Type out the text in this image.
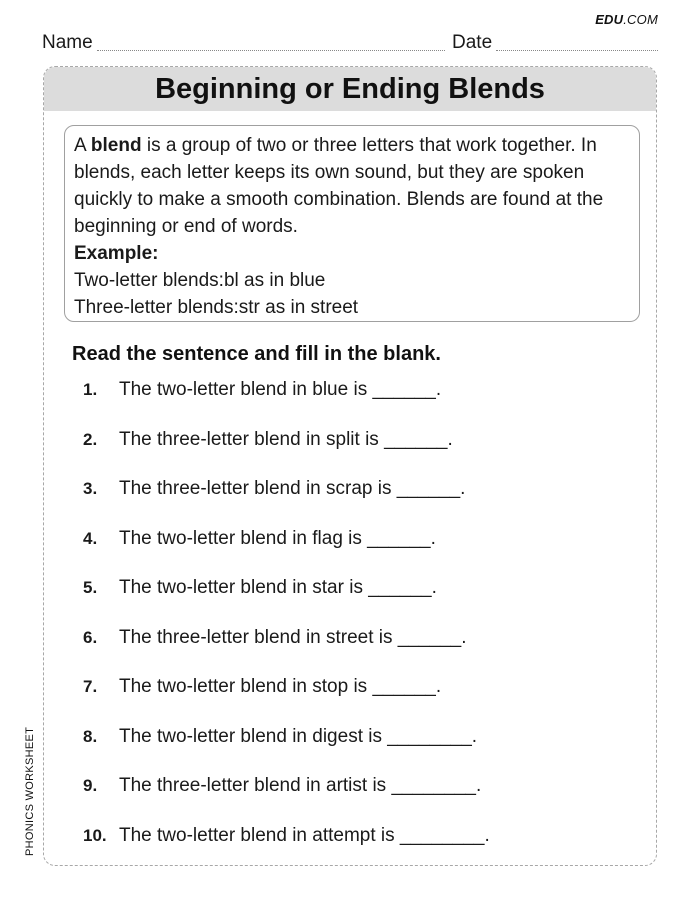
EDU.COM
Name	Date
Beginning or Ending Blends

A blend is a group of two or three letters that work together. In blends, each letter keeps its own sound, but they are spoken quickly to make a smooth combination. Blends are found at the beginning or end of words.

Example:

Two-letter blends:bl as in blue

Three-letter blends:str as in street

Read the sentence and fill in the blank.
1. The two-letter blend in blue is ______.
2. The three-letter blend in split is ______.
3. The three-letter blend in scrap is ______.
4. The two-letter blend in flag is ______.
5. The two-letter blend in star is ______.
6. The three-letter blend in street is ______.
7. The two-letter blend in stop is ______.
8. The two-letter blend in digest is ________.
9. The three-letter blend in artist is ________.
10. The two-letter blend in attempt is ________.
PHONICS WORKSHEET
